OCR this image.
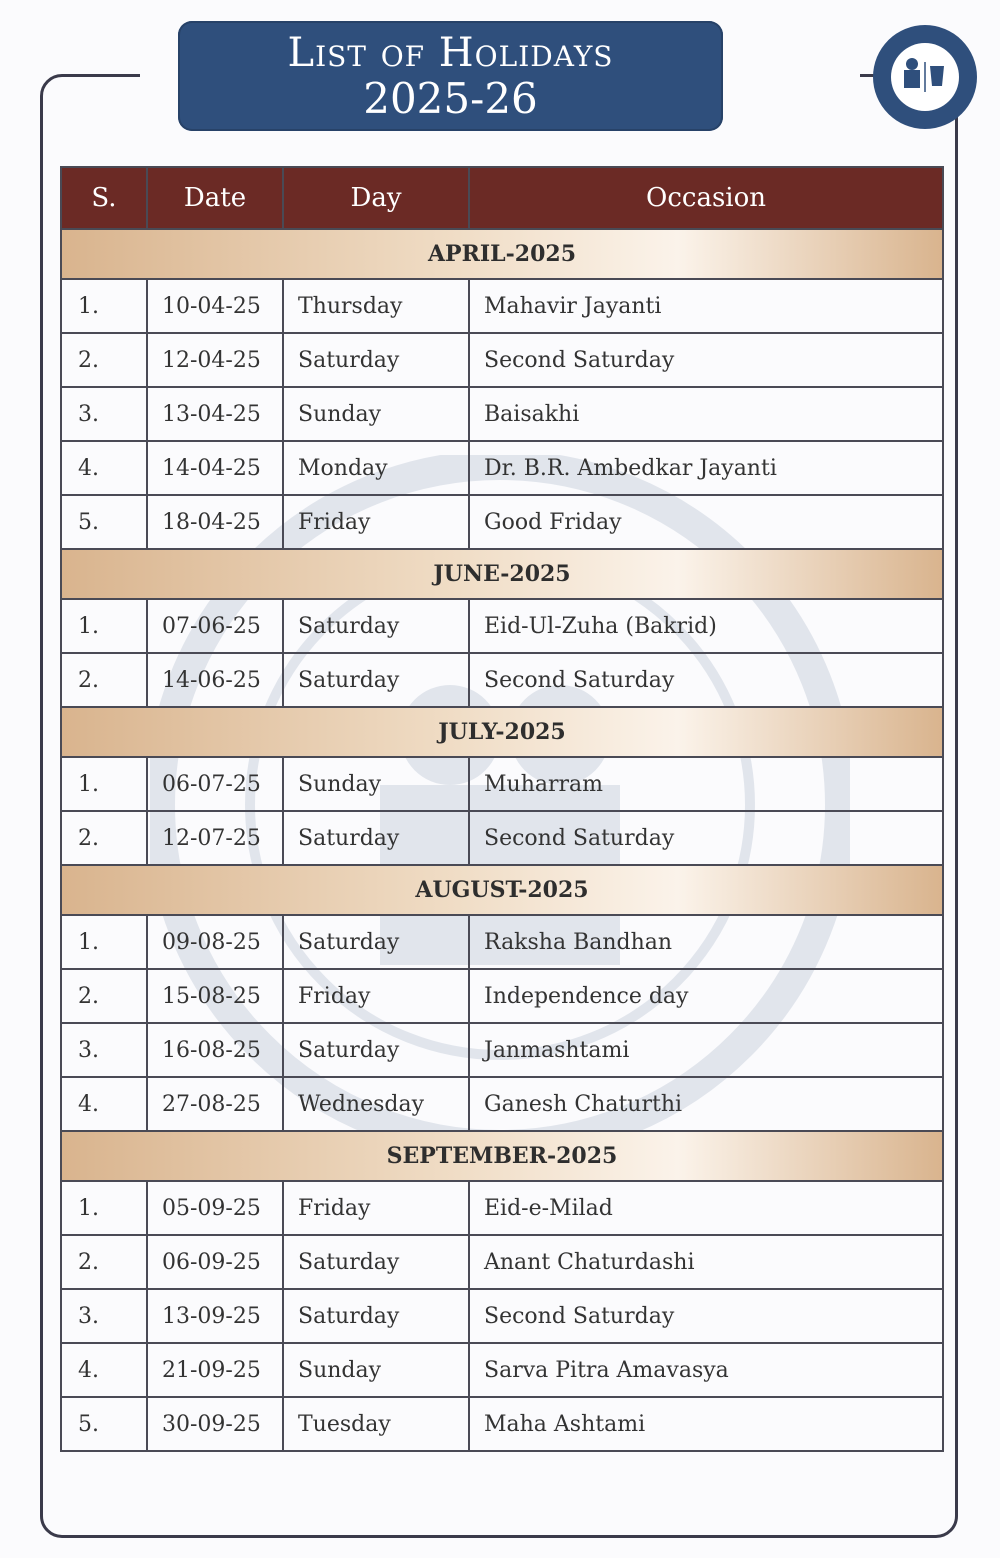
List of Holidays
2025-26
S.	Date	Day	Occasion
APRIL-2025			
1.	10-04-25	Thursday	Mahavir Jayanti
2.	12-04-25	Saturday	Second Saturday
3.	13-04-25	Sunday	Baisakhi
4.	14-04-25	Monday	Dr. B.R. Ambedkar Jayanti
5.	18-04-25	Friday	Good Friday
JUNE-2025			
1.	07-06-25	Saturday	Eid-Ul-Zuha (Bakrid)
2.	14-06-25	Saturday	Second Saturday
JULY-2025			
1.	06-07-25	Sunday	Muharram
2.	12-07-25	Saturday	Second Saturday
AUGUST-2025			
1.	09-08-25	Saturday	Raksha Bandhan
2.	15-08-25	Friday	Independence day
3.	16-08-25	Saturday	Janmashtami
4.	27-08-25	Wednesday	Ganesh Chaturthi
SEPTEMBER-2025			
1.	05-09-25	Friday	Eid-e-Milad
2.	06-09-25	Saturday	Anant Chaturdashi
3.	13-09-25	Saturday	Second Saturday
4.	21-09-25	Sunday	Sarva Pitra Amavasya
5.	30-09-25	Tuesday	Maha Ashtami
